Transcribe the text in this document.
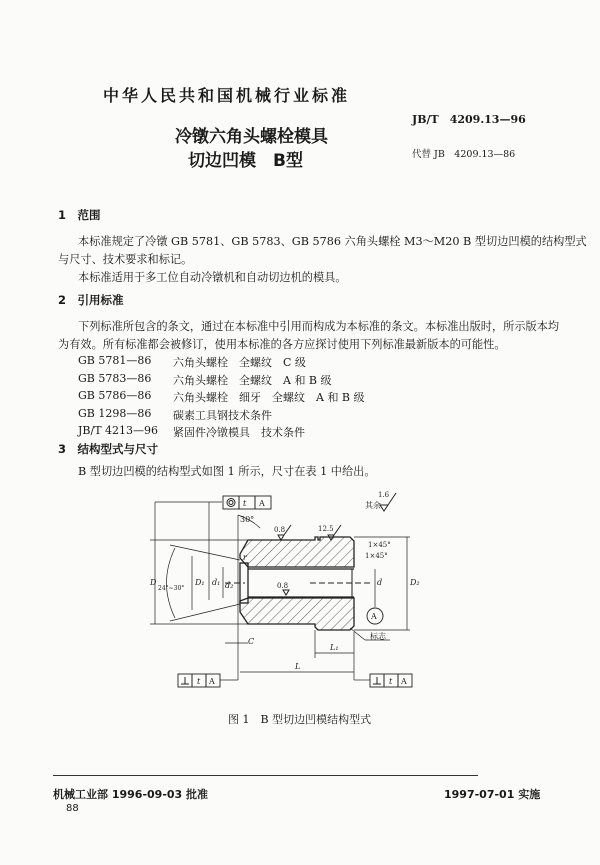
中华人民共和国机械行业标准
JB/T　4209.13—96
冷镦六角头螺栓模具
切边凹模　B型	代替 JB　4209.13—86
1　范围
本标准规定了冷镦 GB 5781、GB 5783、GB 5786 六角头螺栓 M3～M20 B 型切边凹模的结构型式
与尺寸、技术要求和标记。
本标准适用于多工位自动冷镦机和自动切边机的模具。
2　引用标准
下列标准所包含的条文，通过在本标准中引用而构成为本标准的条文。本标准出版时，所示版本均
为有效。所有标准都会被修订，使用本标准的各方应探讨使用下列标准最新版本的可能性。
GB 5781—86 六角头螺栓　全螺纹　C 级
GB 5783—86 六角头螺栓　全螺纹　A 和 B 级
GB 5786—86 六角头螺栓　细牙　全螺纹　A 和 B 级
GB 1298—86 碳素工具钢技术条件
JB/T 4213—96 紧固件冷镦模具　技术条件
3　结构型式与尺寸
B 型切边凹模的结构型式如图 1 所示，尺寸在表 1 中给出。
其余
1.6
30°
0.8	12.5
0.8
1×45°
1×45°
D
24°~30°
D₁ d₁ d₂
r
d	D₂
A
标志
C
L
L₁
t A
t A	t A
图 1　B 型切边凹模结构型式
机械工业部 1996-09-03 批准	1997-07-01 实施
88
